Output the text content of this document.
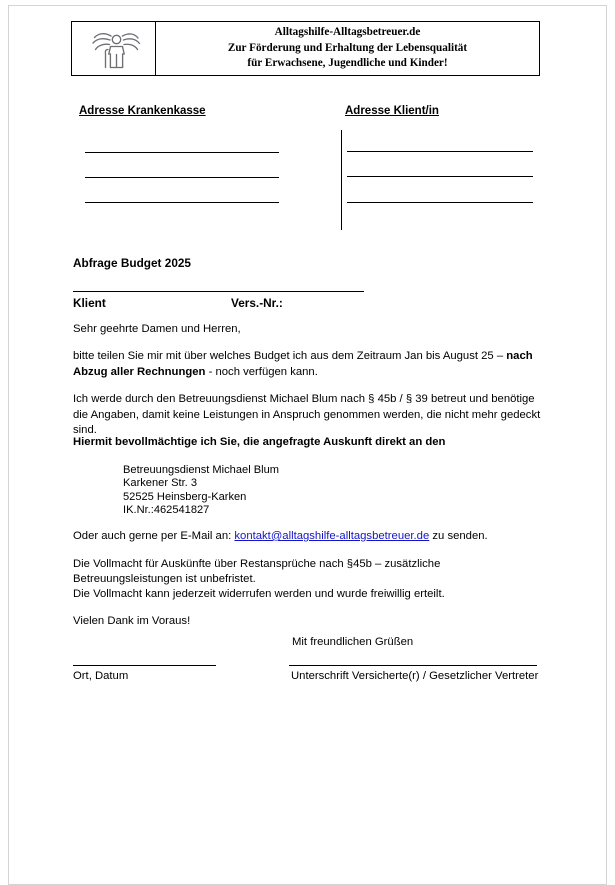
Alltagshilfe-Alltagsbetreuer.de
Zur Förderung und Erhaltung der Lebensqualität
für Erwachsene, Jugendliche und Kinder!
Adresse Krankenkasse	Adresse Klient/in
Abfrage Budget 2025
Klient	Vers.-Nr.:
Sehr geehrte Damen und Herren,
bitte teilen Sie mir mit über welches Budget ich aus dem Zeitraum Jan bis August 25 – nach Abzug aller Rechnungen - noch verfügen kann.
Ich werde durch den Betreuungsdienst Michael Blum nach § 45b / § 39 betreut und benötige die Angaben, damit keine Leistungen in Anspruch genommen werden, die nicht mehr gedeckt sind.
Hiermit bevollmächtige ich Sie, die angefragte Auskunft direkt an den
Betreuungsdienst Michael Blum
Karkener Str. 3
52525 Heinsberg-Karken
IK.Nr.:462541827
Oder auch gerne per E-Mail an: kontakt@alltagshilfe-alltagsbetreuer.de zu senden.
Die Vollmacht für Auskünfte über Restansprüche nach §45b – zusätzliche
Betreuungsleistungen ist unbefristet.
Die Vollmacht kann jederzeit widerrufen werden und wurde freiwillig erteilt.
Vielen Dank im Voraus!
Mit freundlichen Grüßen
Ort, Datum	Unterschrift Versicherte(r) / Gesetzlicher Vertreter
